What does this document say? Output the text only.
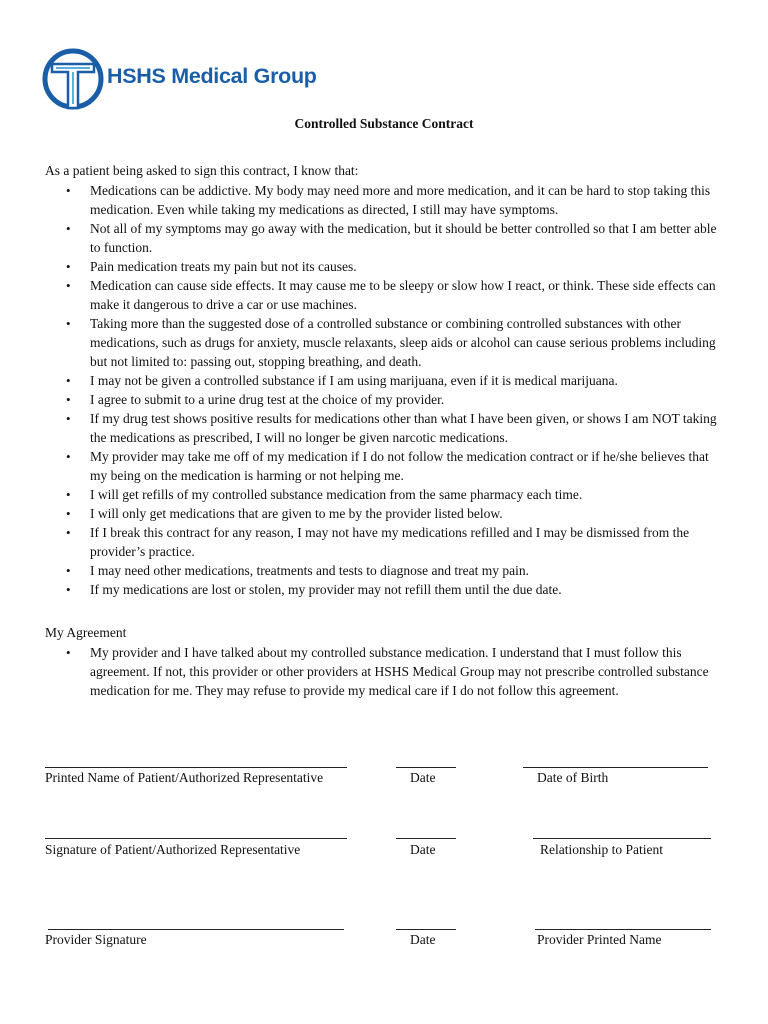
HSHS Medical Group
Controlled Substance Contract
As a patient being asked to sign this contract, I know that:
• Medications can be addictive. My body may need more and more medication, and it can be hard to stop taking this medication. Even while taking my medications as directed, I still may have symptoms.
• Not all of my symptoms may go away with the medication, but it should be better controlled so that I am better able to function.
• Pain medication treats my pain but not its causes.
• Medication can cause side effects. It may cause me to be sleepy or slow how I react, or think. These side effects can make it dangerous to drive a car or use machines.
• Taking more than the suggested dose of a controlled substance or combining controlled substances with other medications, such as drugs for anxiety, muscle relaxants, sleep aids or alcohol can cause serious problems including but not limited to: passing out, stopping breathing, and death.
• I may not be given a controlled substance if I am using marijuana, even if it is medical marijuana.
• I agree to submit to a urine drug test at the choice of my provider.
• If my drug test shows positive results for medications other than what I have been given, or shows I am NOT taking the medications as prescribed, I will no longer be given narcotic medications.
• My provider may take me off of my medication if I do not follow the medication contract or if he/she believes that my being on the medication is harming or not helping me.
• I will get refills of my controlled substance medication from the same pharmacy each time.
• I will only get medications that are given to me by the provider listed below.
• If I break this contract for any reason, I may not have my medications refilled and I may be dismissed from the provider’s practice.
• I may need other medications, treatments and tests to diagnose and treat my pain.
• If my medications are lost or stolen, my provider may not refill them until the due date.
My Agreement
• My provider and I have talked about my controlled substance medication. I understand that I must follow this agreement. If not, this provider or other providers at HSHS Medical Group may not prescribe controlled substance medication for me. They may refuse to provide my medical care if I do not follow this agreement.
Printed Name of Patient/Authorized Representative	Date	Date of Birth
Signature of Patient/Authorized Representative	Date	Relationship to Patient
Provider Signature	Date	Provider Printed Name
